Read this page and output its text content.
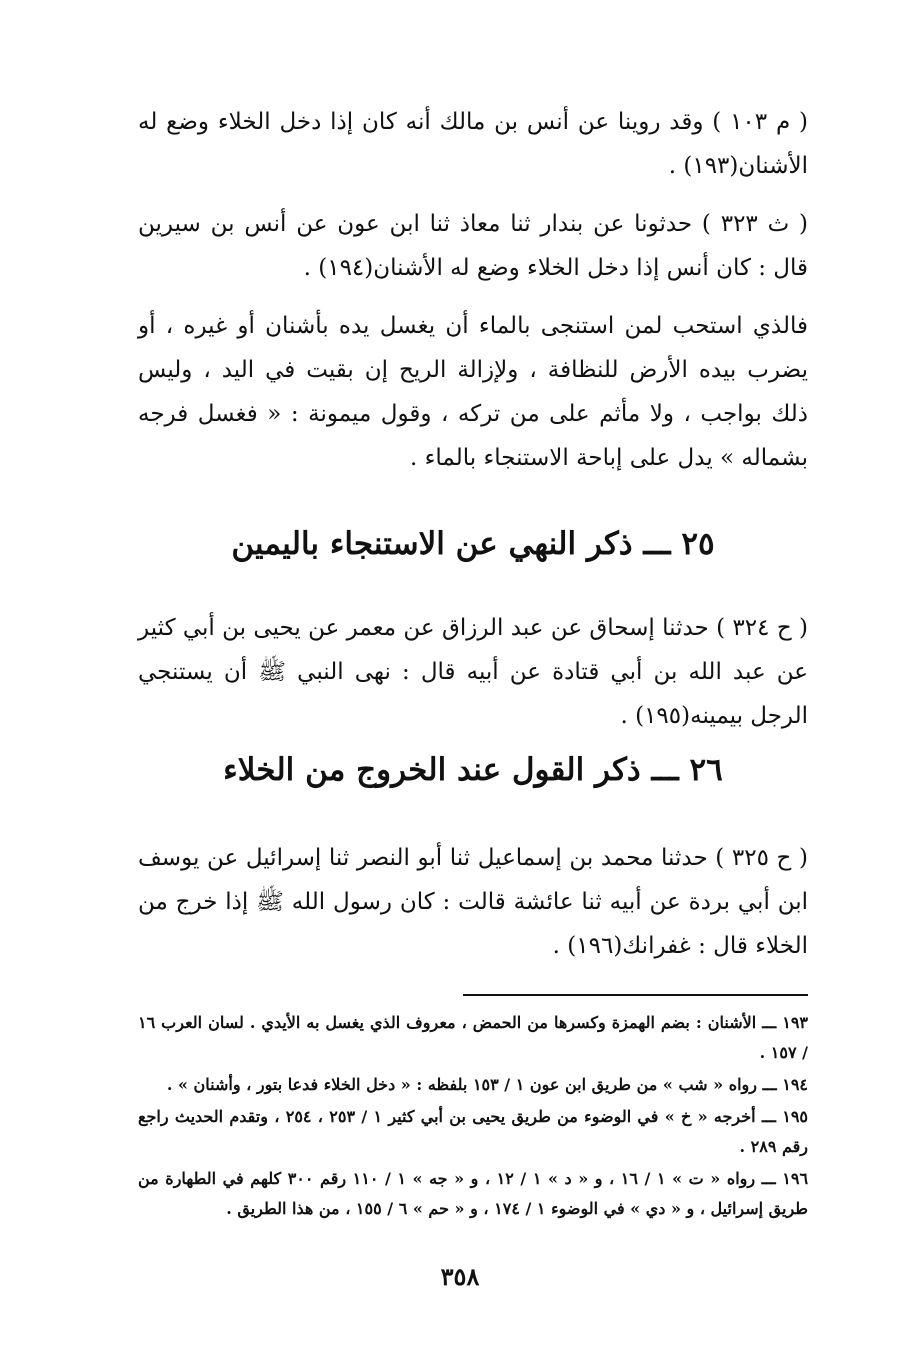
( م ١٠٣ ) وقد روينا عن أنس بن مالك أنه كان إذا دخل الخلاء وضع له الأشنان(١٩٣) .

( ث ٣٢٣ ) حدثونا عن بندار ثنا معاذ ثنا ابن عون عن أنس بن سيرين قال : كان أنس إذا دخل الخلاء وضع له الأشنان(١٩٤) .

فالذي استحب لمن استنجى بالماء أن يغسل يده بأشنان أو غيره ، أو يضرب بيده الأرض للنظافة ، ولإزالة الريح إن بقيت في اليد ، وليس ذلك بواجب ، ولا مأثم على من تركه ، وقول ميمونة : « فغسل فرجه بشماله » يدل على إباحة الاستنجاء بالماء .

٢٥ ـــ ذكر النهي عن الاستنجاء باليمين

( ح ٣٢٤ ) حدثنا إسحاق عن عبد الرزاق عن معمر عن يحيى بن أبي كثير عن عبد الله بن أبي قتادة عن أبيه قال : نهى النبي ﷺ أن يستنجي الرجل بيمينه(١٩٥) .

٢٦ ـــ ذكر القول عند الخروج من الخلاء

( ح ٣٢٥ ) حدثنا محمد بن إسماعيل ثنا أبو النصر ثنا إسرائيل عن يوسف ابن أبي بردة عن أبيه ثنا عائشة قالت : كان رسول الله ﷺ إذا خرج من الخلاء قال : غفرانك(١٩٦) .

١٩٣ ـــ الأشنان : بضم الهمزة وكسرها من الحمض ، معروف الذي يغسل به الأيدي . لسان العرب ١٦ / ١٥٧ .

١٩٤ ـــ رواه « شب » من طريق ابن عون ١ / ١٥٣ بلفظه : « دخل الخلاء فدعا بتور ، وأشنان » .

١٩٥ ـــ أخرجه « خ » في الوضوء من طريق يحيى بن أبي كثير ١ / ٢٥٣ ، ٢٥٤ ، وتقدم الحديث راجع رقم ٢٨٩ .

١٩٦ ـــ رواه « ت » ١ / ١٦ ، و « د » ١ / ١٢ ، و « جه » ١ / ١١٠ رقم ٣٠٠ كلهم في الطهارة من طريق إسرائيل ، و « دي » في الوضوء ١ / ١٧٤ ، و « حم » ٦ / ١٥٥ ، من هذا الطريق .

٣٥٨
